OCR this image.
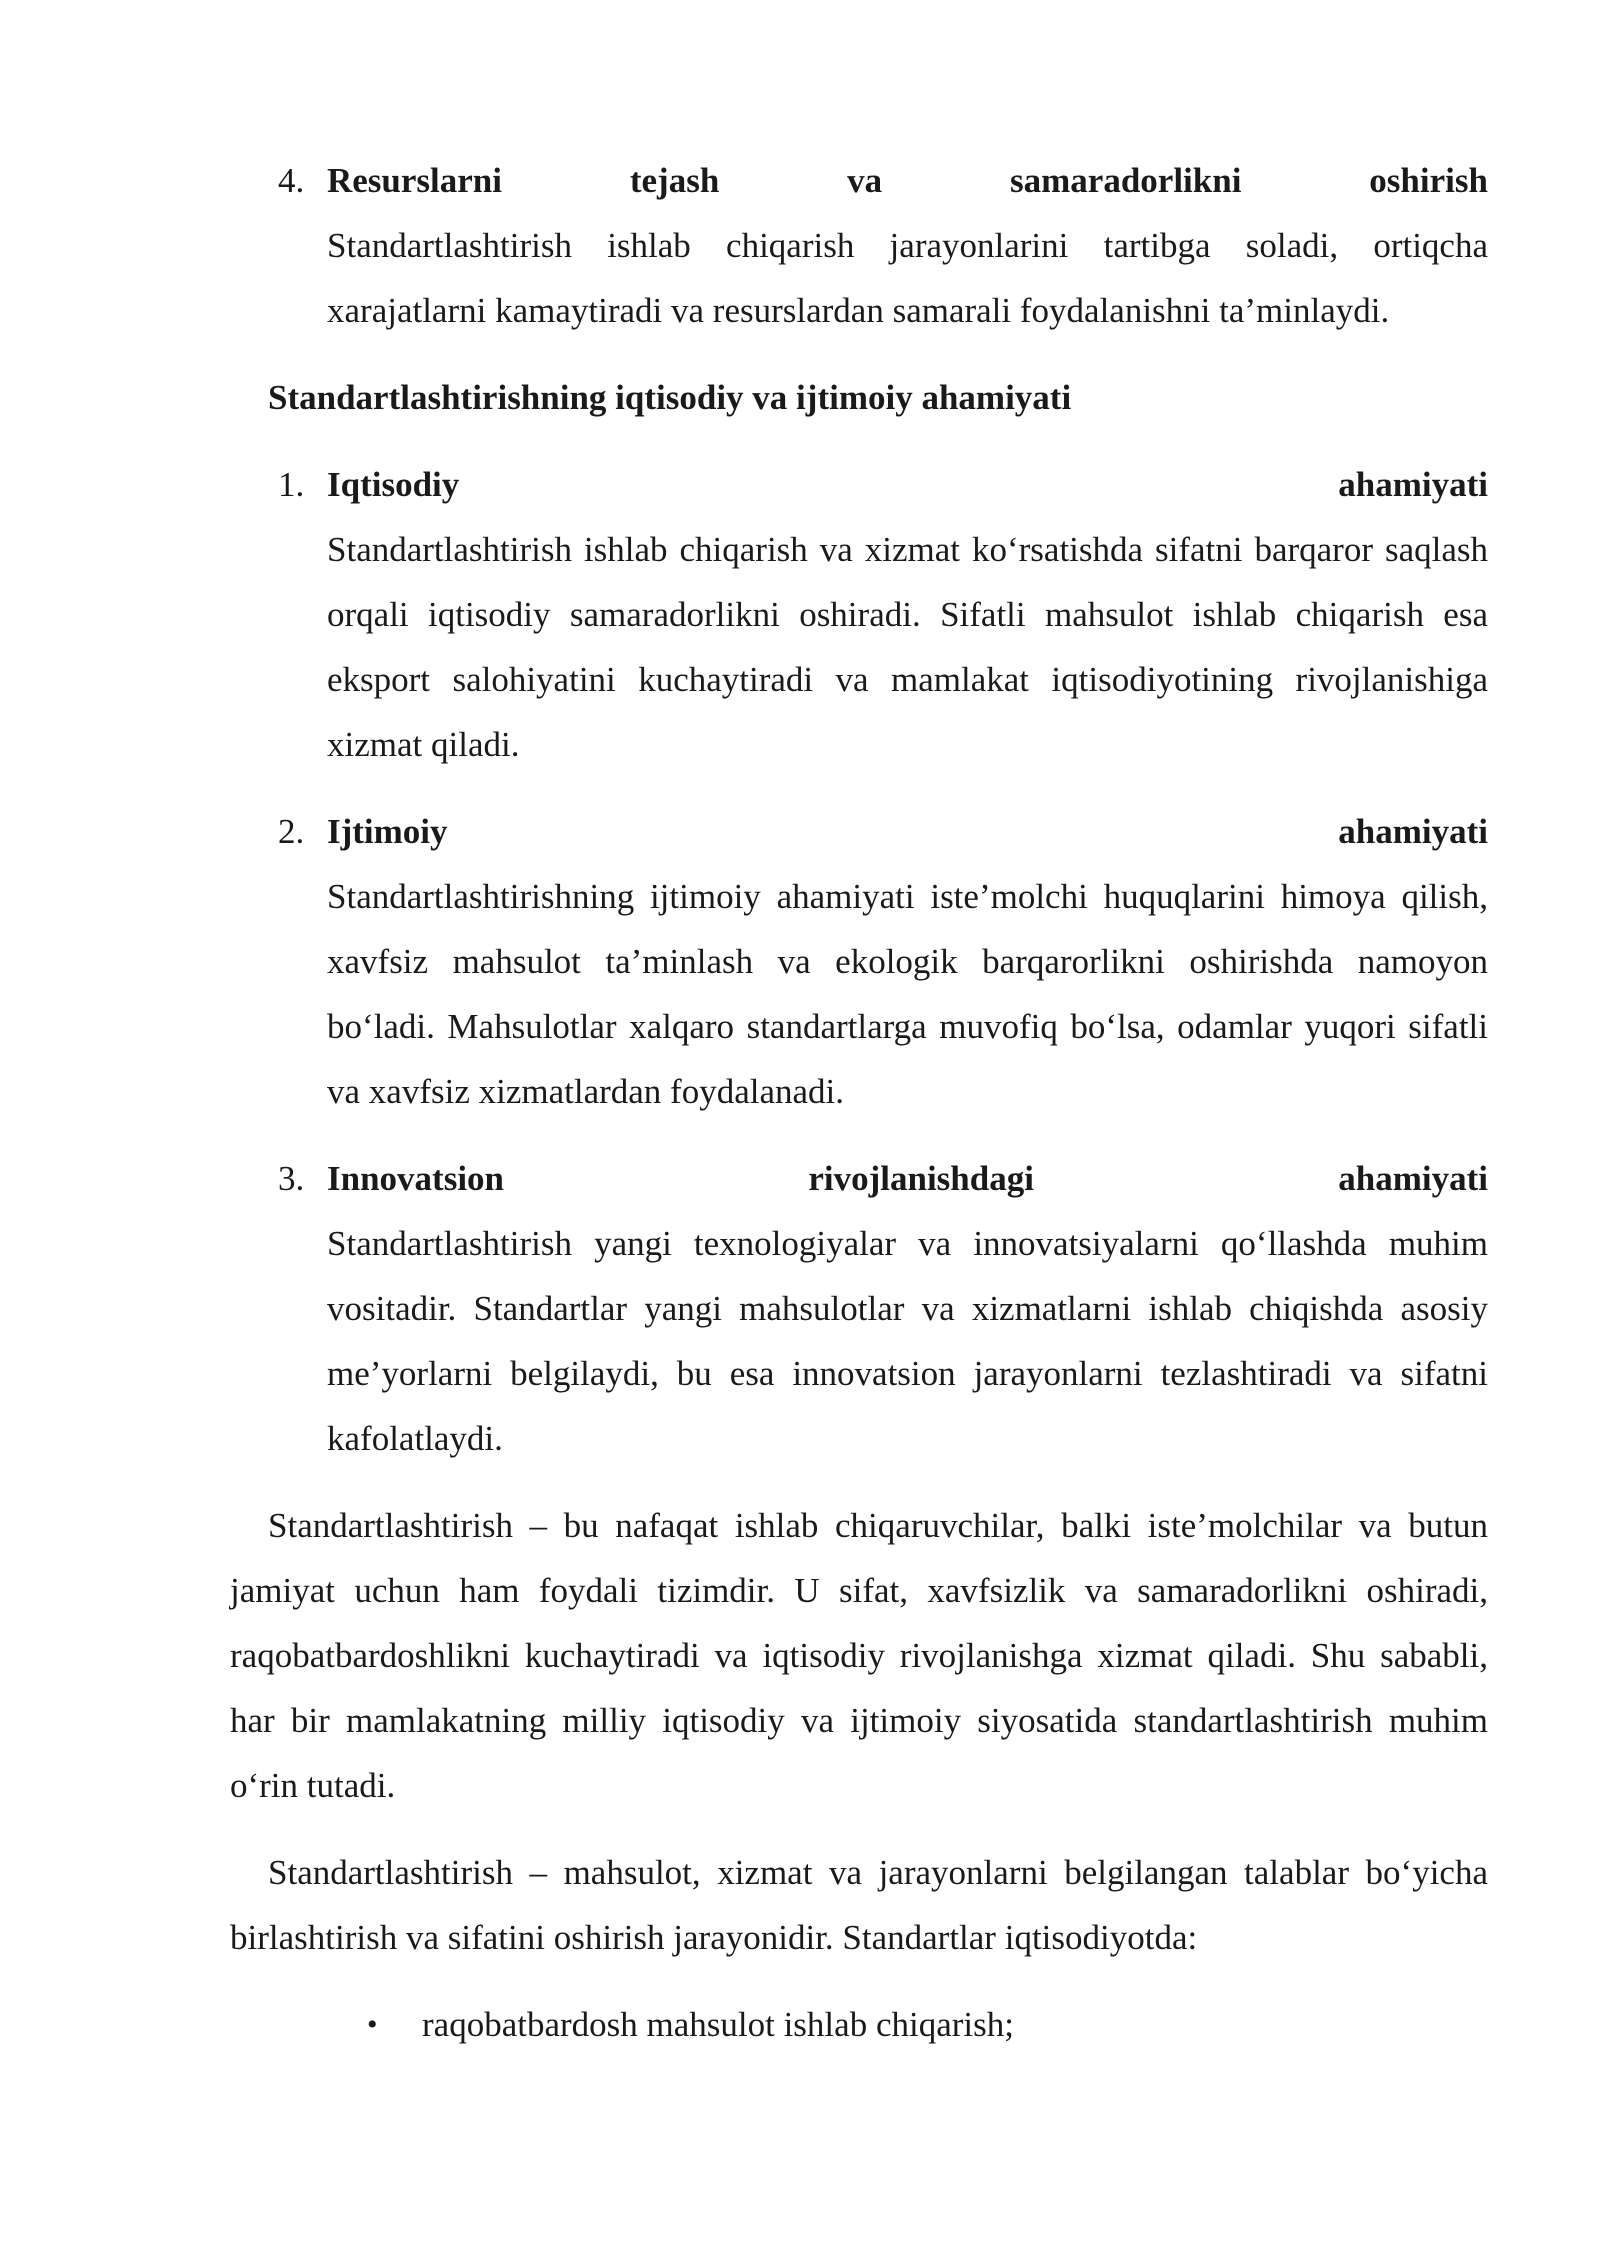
4. Resurslarni	tejash	va	samaradorlikni	oshirish
Standartlashtirish ishlab chiqarish jarayonlarini tartibga soladi, ortiqcha xarajatlarni kamaytiradi va resurslardan samarali foydalanishni ta’minlaydi.
Standartlashtirishning iqtisodiy va ijtimoiy ahamiyati
1. Iqtisodiy	ahamiyati
Standartlashtirish ishlab chiqarish va xizmat ko‘rsatishda sifatni barqaror saqlash orqali iqtisodiy samaradorlikni oshiradi. Sifatli mahsulot ishlab chiqarish esa eksport salohiyatini kuchaytiradi va mamlakat iqtisodiyotining rivojlanishiga xizmat qiladi.
2. Ijtimoiy	ahamiyati
Standartlashtirishning ijtimoiy ahamiyati iste’molchi huquqlarini himoya qilish, xavfsiz mahsulot ta’minlash va ekologik barqarorlikni oshirishda namoyon bo‘ladi. Mahsulotlar xalqaro standartlarga muvofiq bo‘lsa, odamlar yuqori sifatli va xavfsiz xizmatlardan foydalanadi.
3. Innovatsion	rivojlanishdagi	ahamiyati
Standartlashtirish yangi texnologiyalar va innovatsiyalarni qo‘llashda muhim vositadir. Standartlar yangi mahsulotlar va xizmatlarni ishlab chiqishda asosiy me’yorlarni belgilaydi, bu esa innovatsion jarayonlarni tezlashtiradi va sifatni kafolatlaydi.

Standartlashtirish – bu nafaqat ishlab chiqaruvchilar, balki iste’molchilar va butun jamiyat uchun ham foydali tizimdir. U sifat, xavfsizlik va samaradorlikni oshiradi, raqobatbardoshlikni kuchaytiradi va iqtisodiy rivojlanishga xizmat qiladi. Shu sababli, har bir mamlakatning milliy iqtisodiy va ijtimoiy siyosatida standartlashtirish muhim o‘rin tutadi.

Standartlashtirish – mahsulot, xizmat va jarayonlarni belgilangan talablar bo‘yicha birlashtirish va sifatini oshirish jarayonidir. Standartlar iqtisodiyotda:

• raqobatbardosh mahsulot ishlab chiqarish;
